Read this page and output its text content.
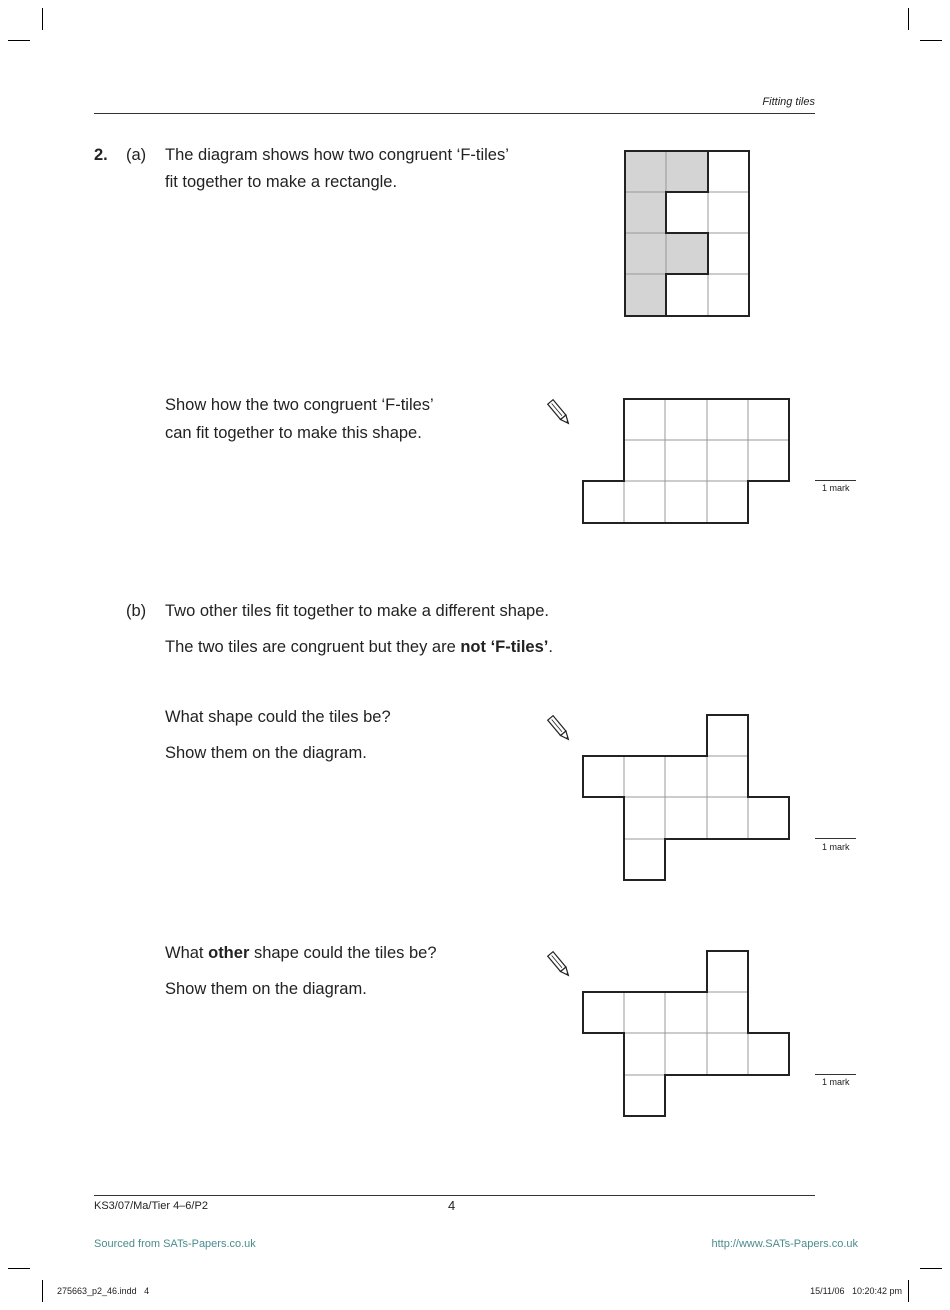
Fitting tiles
2. (a) The diagram shows how two congruent ‘F-tiles’
fit together to make a rectangle.
Show how the two congruent ‘F-tiles’
can fit together to make this shape.
1 mark
(b) Two other tiles fit together to make a different shape.
The two tiles are congruent but they are not ‘F-tiles’.
What shape could the tiles be?
Show them on the diagram.
1 mark
What other shape could the tiles be?
Show them on the diagram.
1 mark
KS3/07/Ma/Tier 4–6/P2	4
Sourced from SATs-Papers.co.uk	http://www.SATs-Papers.co.uk
275663_p2_46.indd   4	15/11/06   10:20:42 pm
